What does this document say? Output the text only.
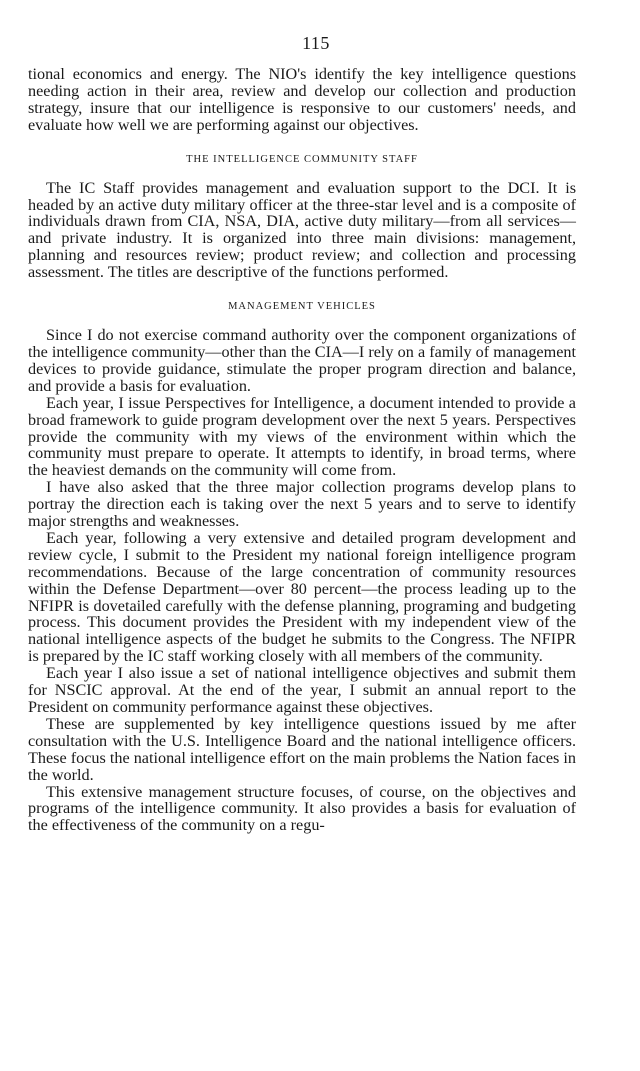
115

tional economics and energy. The NIO's identify the key intelligence questions needing action in their area, review and develop our collection and production strategy, insure that our intelligence is responsive to our customers' needs, and evaluate how well we are performing against our objectives.

THE INTELLIGENCE COMMUNITY STAFF

The IC Staff provides management and evaluation support to the DCI. It is headed by an active duty military officer at the three-star level and is a composite of individuals drawn from CIA, NSA, DIA, active duty military—from all services—and private industry. It is organized into three main divisions: management, planning and resources review; product review; and collection and processing assessment. The titles are descriptive of the functions performed.

MANAGEMENT VEHICLES

Since I do not exercise command authority over the component organizations of the intelligence community—other than the CIA—I rely on a family of management devices to provide guidance, stimulate the proper program direction and balance, and provide a basis for evaluation.

Each year, I issue Perspectives for Intelligence, a document intended to provide a broad framework to guide program development over the next 5 years. Perspectives provide the community with my views of the environment within which the community must prepare to operate. It attempts to identify, in broad terms, where the heaviest demands on the community will come from.

I have also asked that the three major collection programs develop plans to portray the direction each is taking over the next 5 years and to serve to identify major strengths and weaknesses.

Each year, following a very extensive and detailed program development and review cycle, I submit to the President my national foreign intelligence program recommendations. Because of the large concentration of community resources within the Defense Department—over 80 percent—the process leading up to the NFIPR is dovetailed carefully with the defense planning, programing and budgeting process. This document provides the President with my independent view of the national intelligence aspects of the budget he submits to the Congress. The NFIPR is prepared by the IC staff working closely with all members of the community.

Each year I also issue a set of national intelligence objectives and submit them for NSCIC approval. At the end of the year, I submit an annual report to the President on community performance against these objectives.

These are supplemented by key intelligence questions issued by me after consultation with the U.S. Intelligence Board and the national intelligence officers. These focus the national intelligence effort on the main problems the Nation faces in the world.

This extensive management structure focuses, of course, on the objectives and programs of the intelligence community. It also provides a basis for evaluation of the effectiveness of the community on a regu-
